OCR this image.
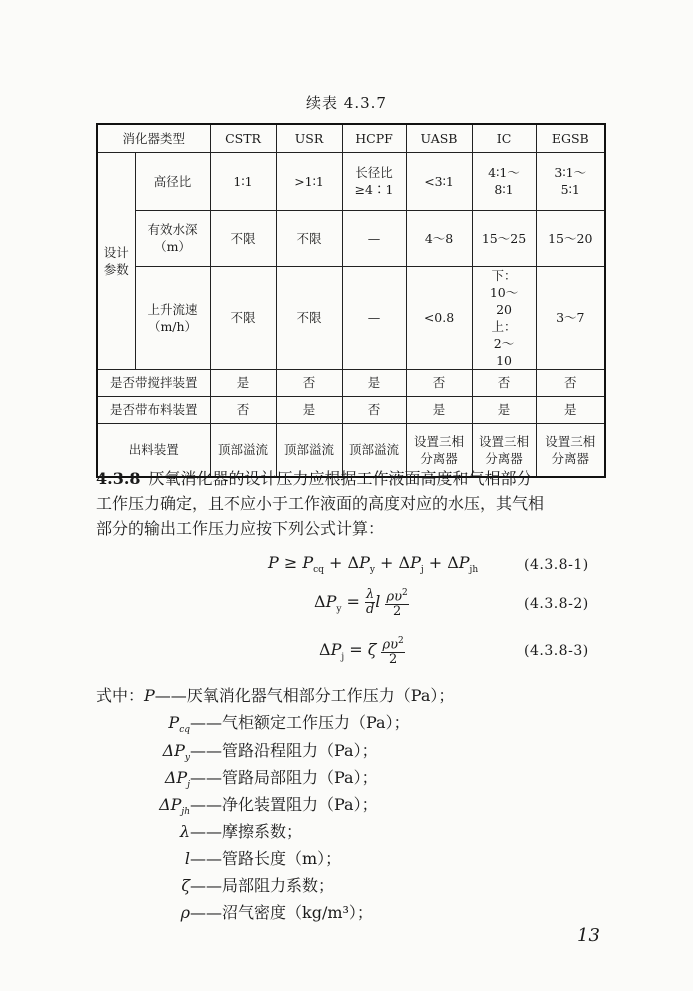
续表 4.3.7
消化器类型		CSTR	USR	HCPF	UASB	IC	EGSB
设计参数	高径比	1∶1	>1∶1	长径比≥4∶1	<3∶1	4∶1～8∶1	3∶1～5∶1
	有效水深（m）	不限	不限	—	4～8	15～25	15～20
	上升流速（m/h）	不限	不限	—	<0.8	下：10～20 上：2～10	3～7
是否带搅拌装置		是	否	是	否	否	否
是否带布料装置		否	是	否	是	是	是
出料装置		顶部溢流	顶部溢流	顶部溢流	设置三相分离器	设置三相分离器	设置三相分离器
4.3.8 厌氧消化器的设计压力应根据工作液面高度和气相部分
工作压力确定，且不应小于工作液面的高度对应的水压，其气相
部分的输出工作压力应按下列公式计算：
$P \ge P_{cq} + \Delta P_y + \Delta P_j + \Delta P_{jh}$	(4.3.8-1)
$\Delta P_y = \frac{\lambda}{d}$ l $\frac{\rho\upsilon^2}{2}$	(4.3.8-2)
$\Delta P_j = \zeta \frac{\rho\upsilon^2}{2}$	(4.3.8-3)
式中：P——厌氧消化器气相部分工作压力（Pa）；
$P_{cq}——$气柜额定工作压力（Pa）；
$\Delta P_y——$管路沿程阻力（Pa）；
$\Delta P_j——$管路局部阻力（Pa）；
$\Delta P_{jh}——$净化装置阻力（Pa）；
λ——摩擦系数；
l——管路长度（m）；
ζ——局部阻力系数；
ρ——沼气密度（kg/m³）；
13
